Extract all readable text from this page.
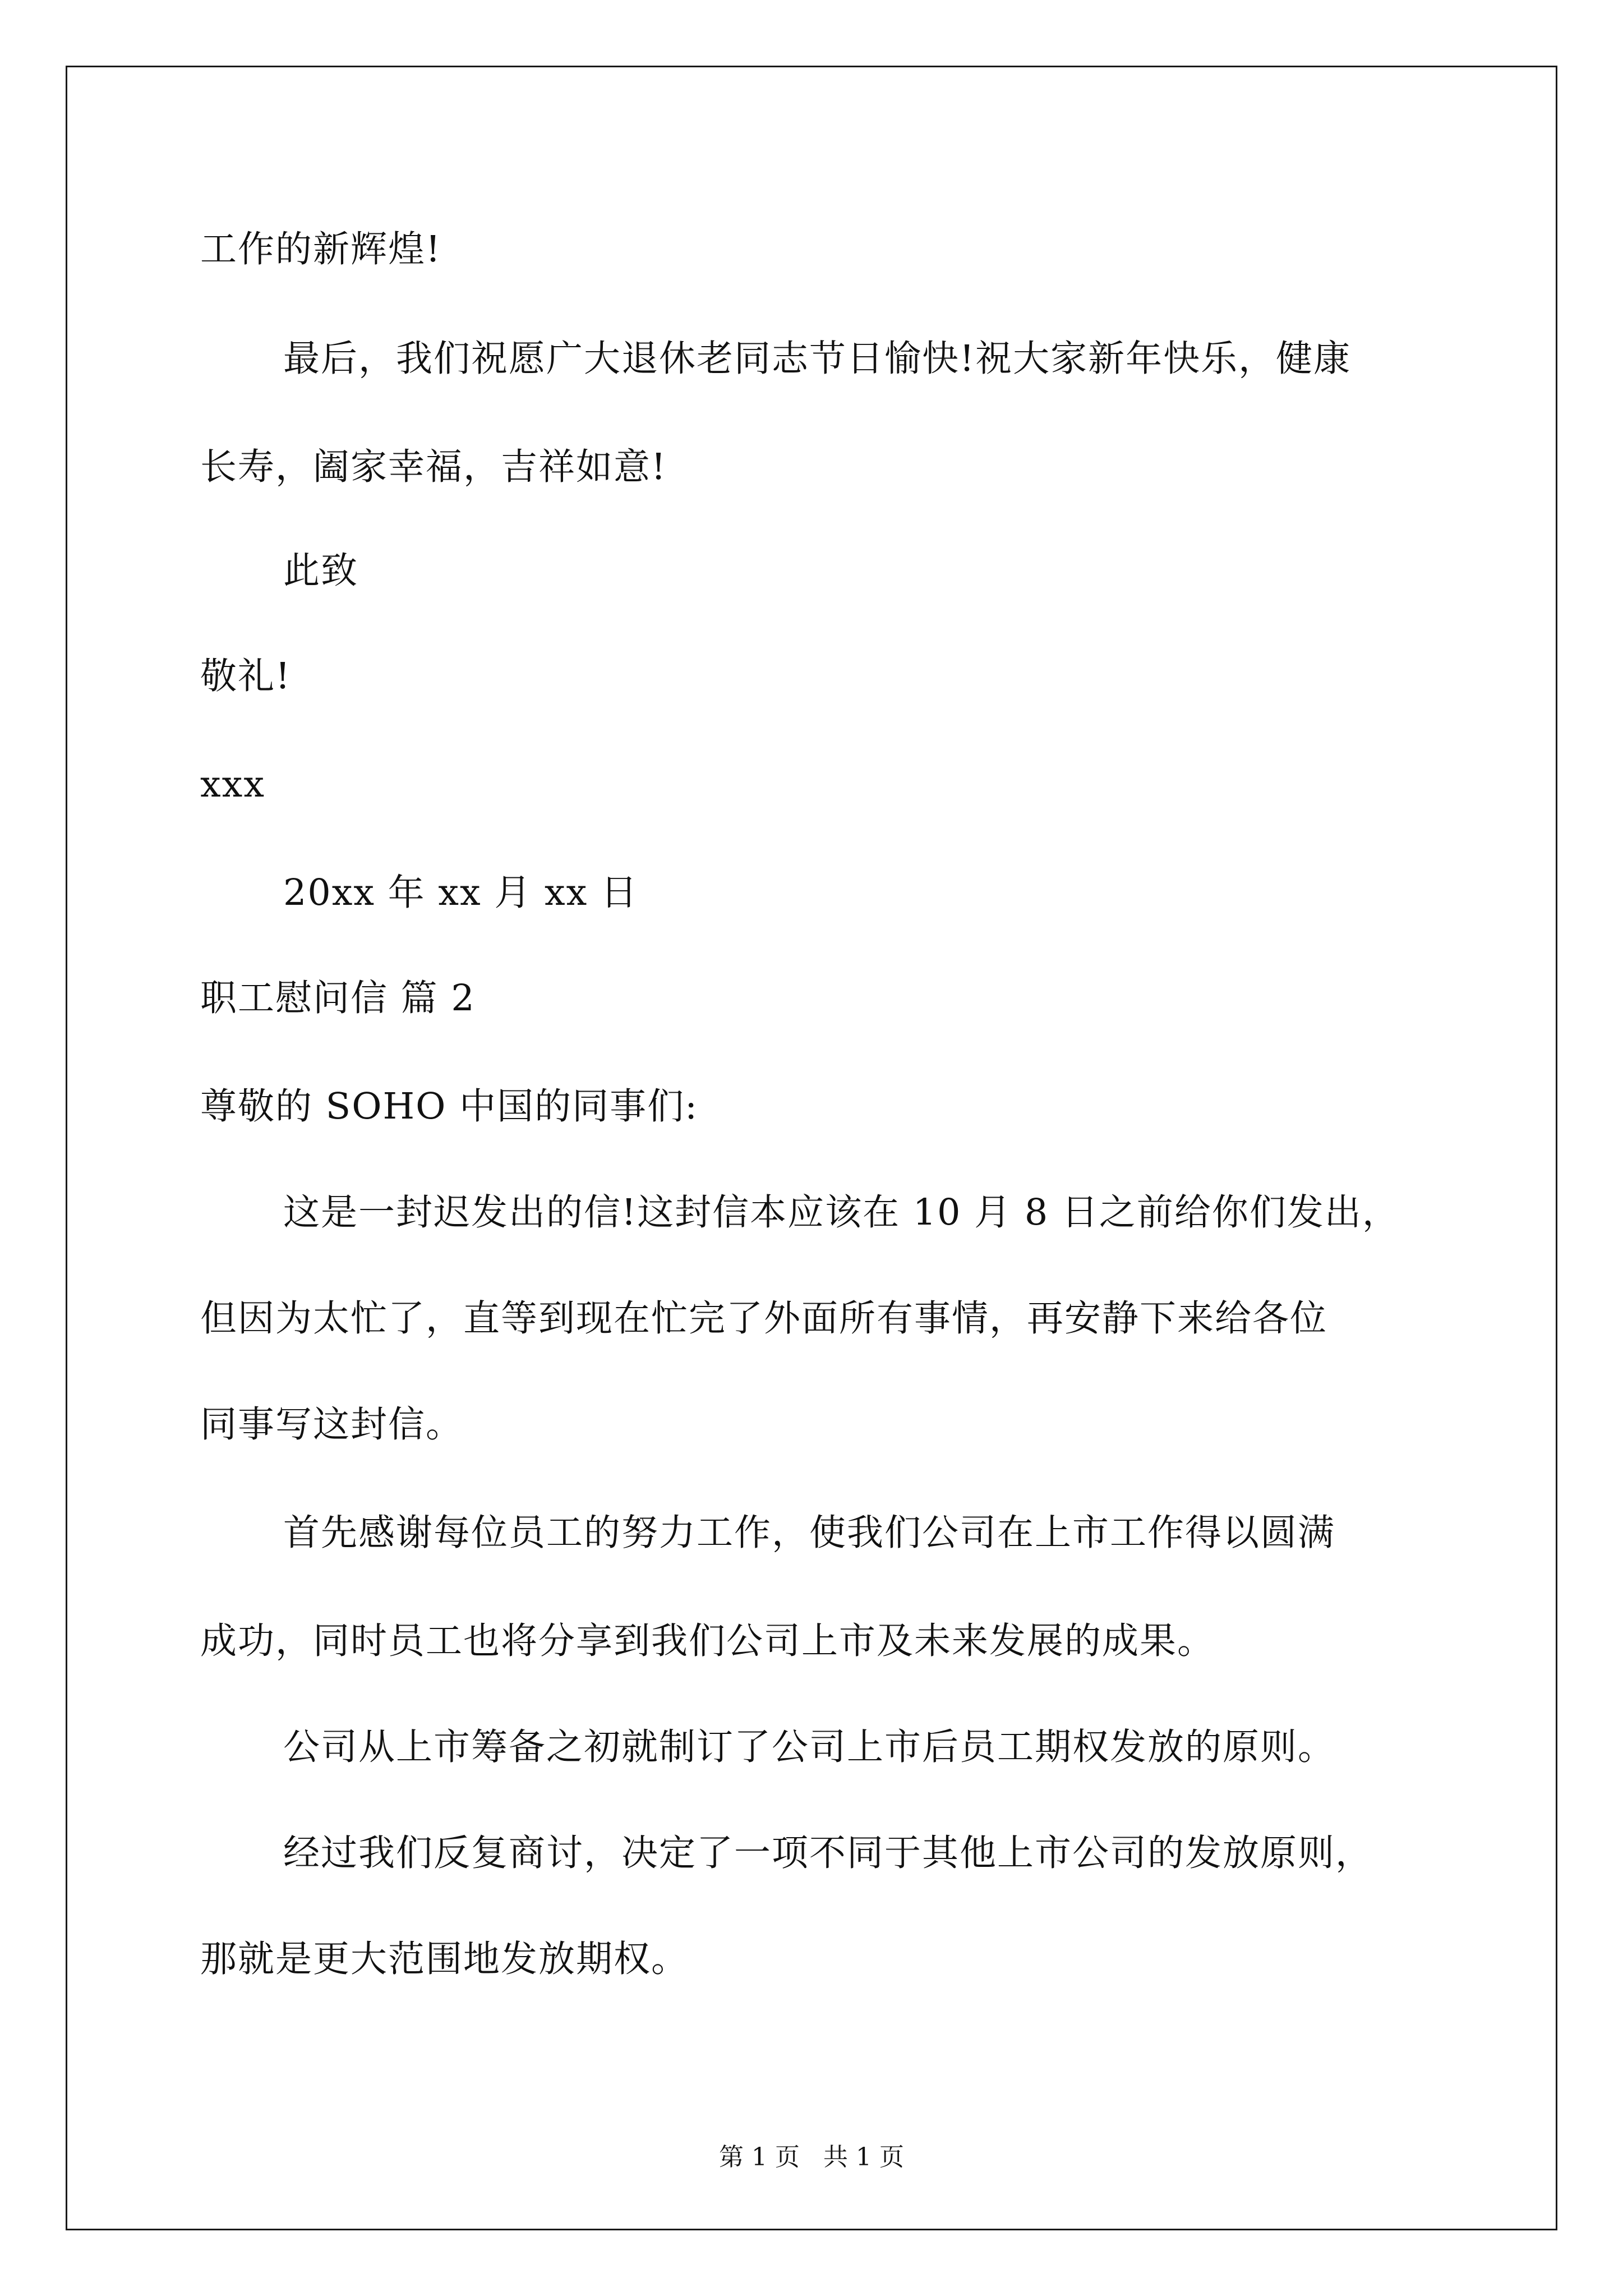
工作的新辉煌!
最后，我们祝愿广大退休老同志节日愉快!祝大家新年快乐，健康
长寿，阖家幸福，吉祥如意!
此致
敬礼!
xxx
20xx 年 xx 月 xx 日
职工慰问信 篇 2
尊敬的 SOHO 中国的同事们:
这是一封迟发出的信!这封信本应该在 10 月 8 日之前给你们发出，
但因为太忙了，直等到现在忙完了外面所有事情，再安静下来给各位
同事写这封信。
首先感谢每位员工的努力工作，使我们公司在上市工作得以圆满
成功，同时员工也将分享到我们公司上市及未来发展的成果。
公司从上市筹备之初就制订了公司上市后员工期权发放的原则。
经过我们反复商讨，决定了一项不同于其他上市公司的发放原则，
那就是更大范围地发放期权。
第 1 页   共 1 页
